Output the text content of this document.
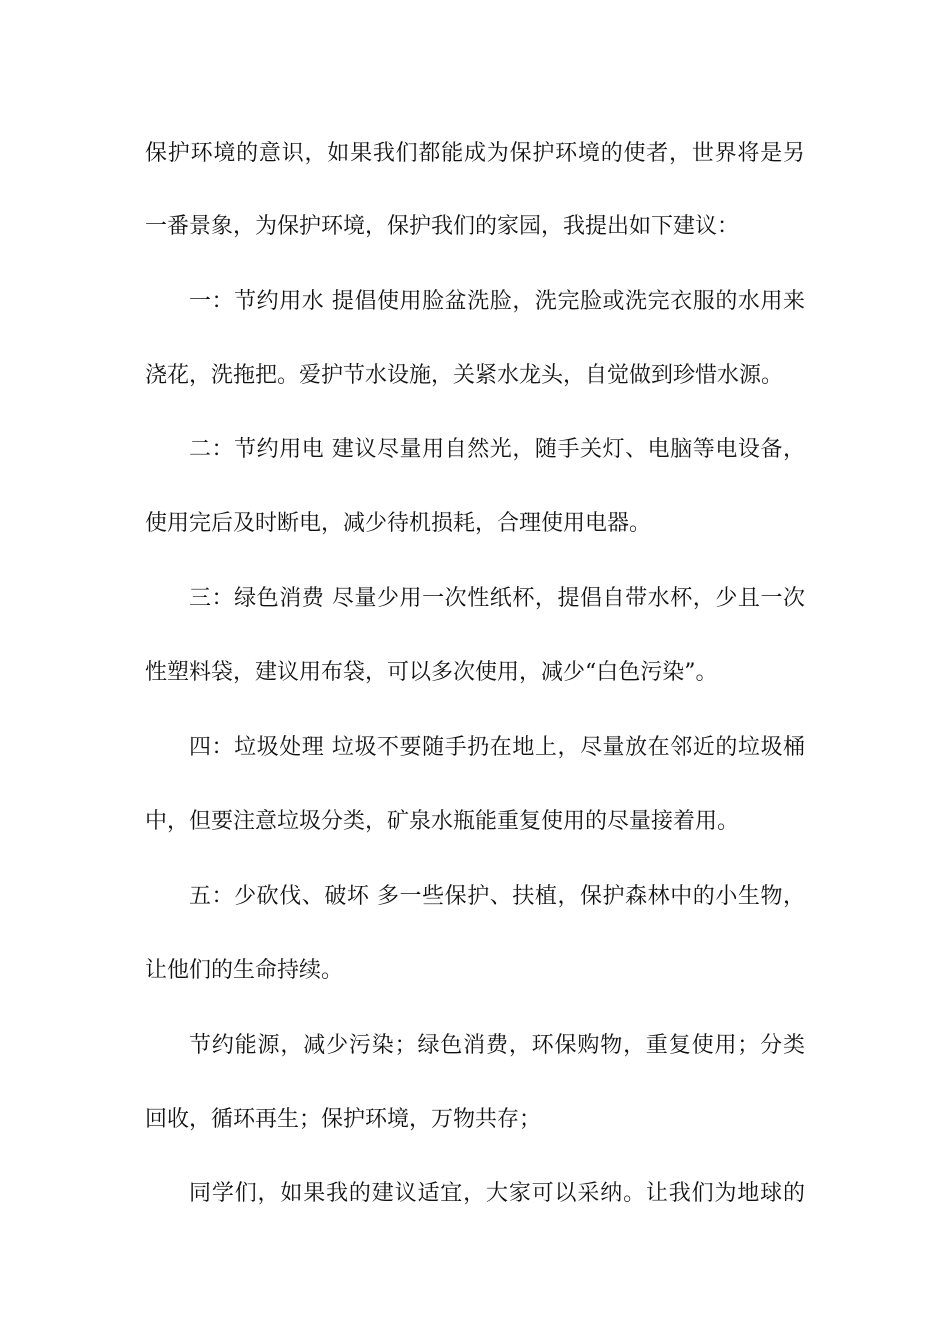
保护环境的意识，如果我们都能成为保护环境的使者，世界将是另
一番景象，为保护环境，保护我们的家园，我提出如下建议：
一：节约用水 提倡使用脸盆洗脸，洗完脸或洗完衣服的水用来
浇花，洗拖把。爱护节水设施，关紧水龙头，自觉做到珍惜水源。
二：节约用电 建议尽量用自然光，随手关灯、电脑等电设备，
使用完后及时断电，减少待机损耗，合理使用电器。
三：绿色消费 尽量少用一次性纸杯，提倡自带水杯，少且一次
性塑料袋，建议用布袋，可以多次使用，减少“白色污染”。
四：垃圾处理 垃圾不要随手扔在地上，尽量放在邻近的垃圾桶
中，但要注意垃圾分类，矿泉水瓶能重复使用的尽量接着用。
五：少砍伐、破坏 多一些保护、扶植，保护森林中的小生物，
让他们的生命持续。
节约能源，减少污染；绿色消费，环保购物，重复使用；分类
回收，循环再生；保护环境，万物共存；
同学们，如果我的建议适宜，大家可以采纳。让我们为地球的
